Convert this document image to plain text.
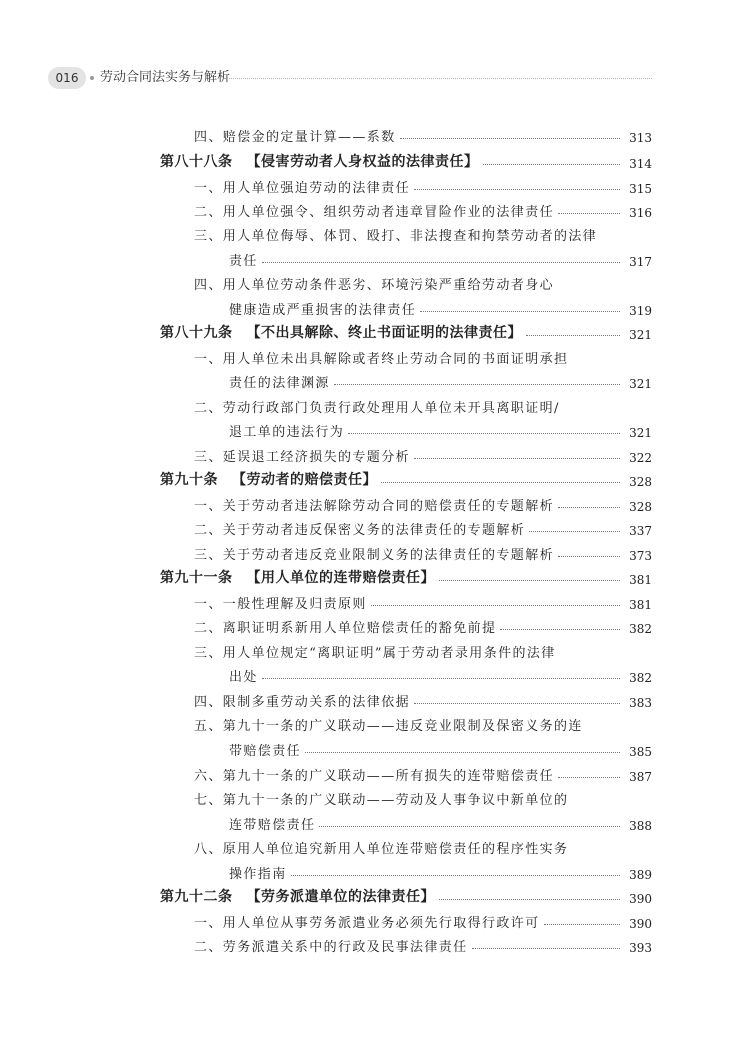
016	劳动合同法实务与解析
四、赔偿金的定量计算——系数	313
第八十八条 【侵害劳动者人身权益的法律责任】	314
一、用人单位强迫劳动的法律责任	315
二、用人单位强令、组织劳动者违章冒险作业的法律责任	316
三、用人单位侮辱、体罚、殴打、非法搜查和拘禁劳动者的法律
责任	317
四、用人单位劳动条件恶劣、环境污染严重给劳动者身心
健康造成严重损害的法律责任	319
第八十九条 【不出具解除、终止书面证明的法律责任】	321
一、用人单位未出具解除或者终止劳动合同的书面证明承担
责任的法律渊源	321
二、劳动行政部门负责行政处理用人单位未开具离职证明/
退工单的违法行为	321
三、延误退工经济损失的专题分析	322
第九十条 【劳动者的赔偿责任】	328
一、关于劳动者违法解除劳动合同的赔偿责任的专题解析	328
二、关于劳动者违反保密义务的法律责任的专题解析	337
三、关于劳动者违反竞业限制义务的法律责任的专题解析	373
第九十一条 【用人单位的连带赔偿责任】	381
一、一般性理解及归责原则	381
二、离职证明系新用人单位赔偿责任的豁免前提	382
三、用人单位规定“离职证明”属于劳动者录用条件的法律
出处	382
四、限制多重劳动关系的法律依据	383
五、第九十一条的广义联动——违反竞业限制及保密义务的连
带赔偿责任	385
六、第九十一条的广义联动——所有损失的连带赔偿责任	387
七、第九十一条的广义联动——劳动及人事争议中新单位的
连带赔偿责任	388
八、原用人单位追究新用人单位连带赔偿责任的程序性实务
操作指南	389
第九十二条 【劳务派遣单位的法律责任】	390
一、用人单位从事劳务派遣业务必须先行取得行政许可	390
二、劳务派遣关系中的行政及民事法律责任	393
